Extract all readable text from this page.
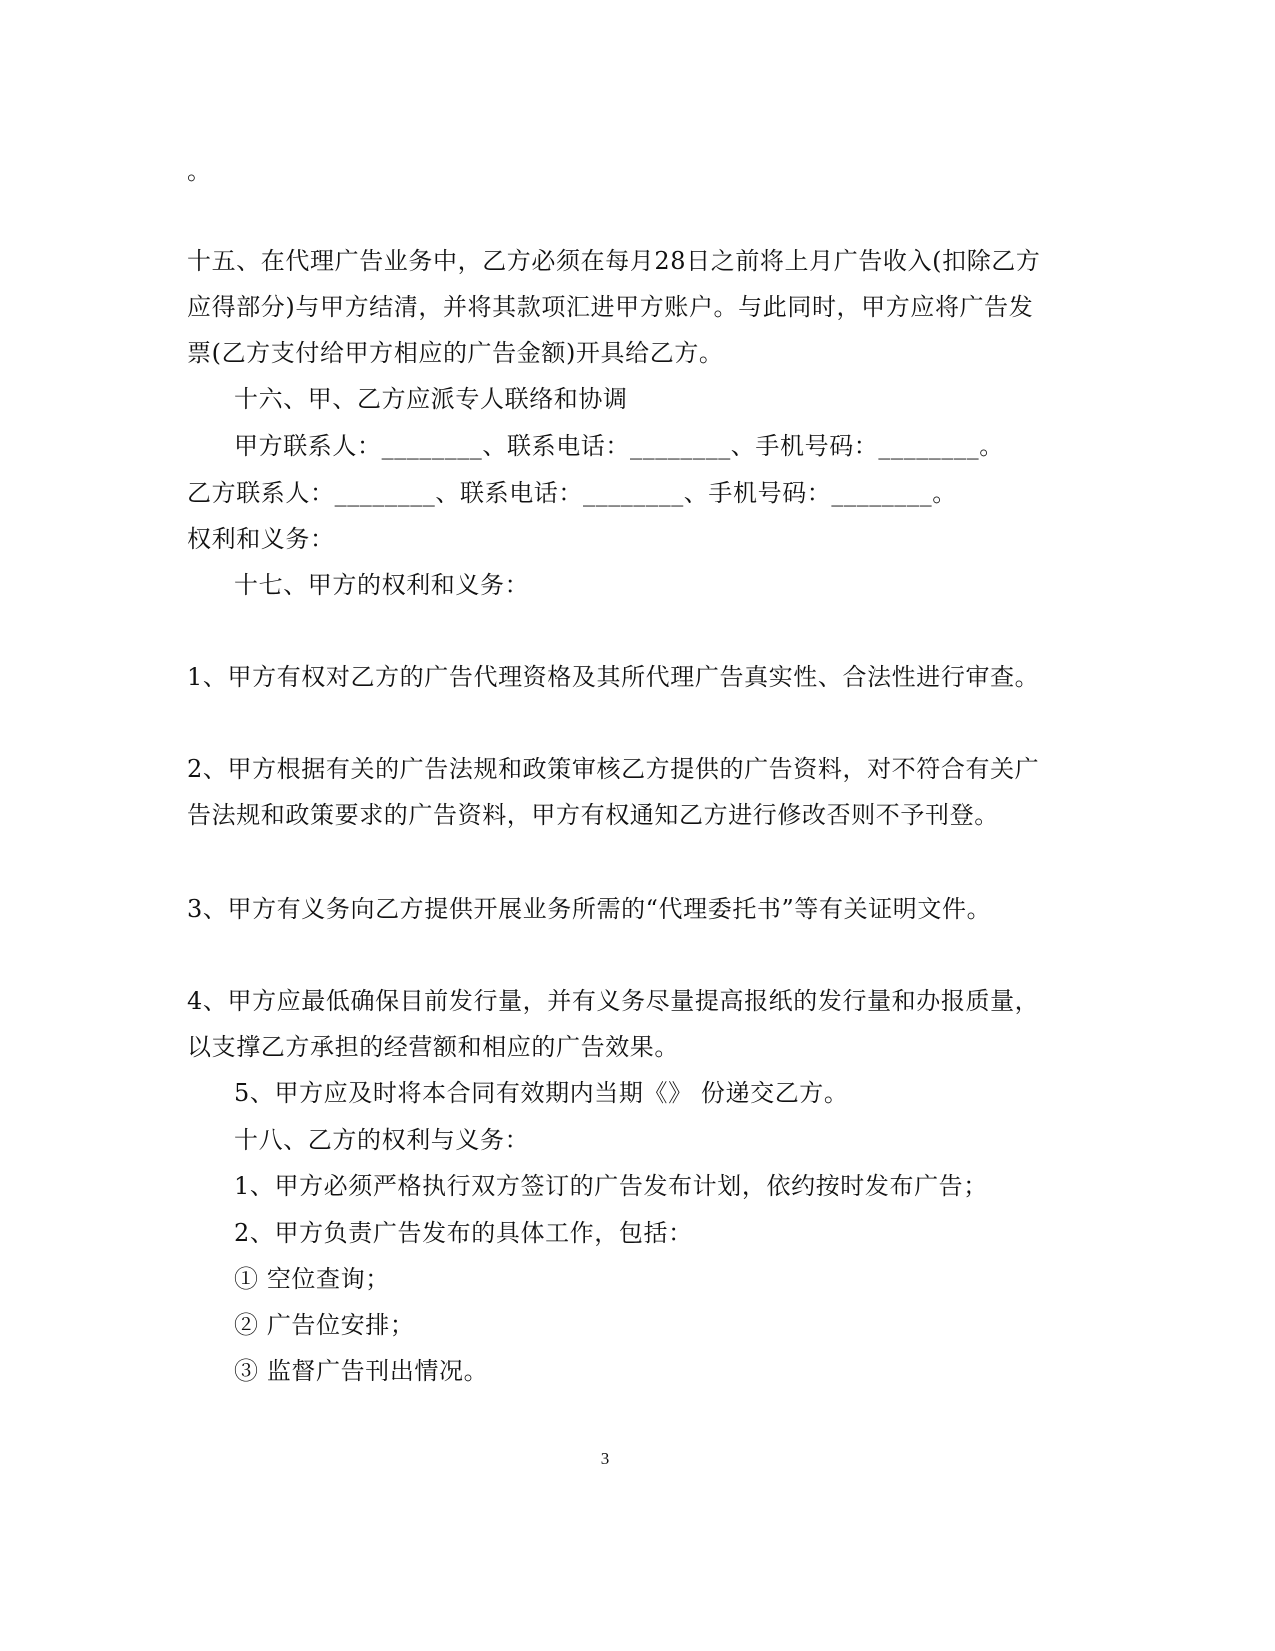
。
十五、在代理广告业务中，乙方必须在每月28日之前将上月广告收入(扣除乙方
应得部分)与甲方结清，并将其款项汇进甲方账户。与此同时，甲方应将广告发
票(乙方支付给甲方相应的广告金额)开具给乙方。
十六、甲、乙方应派专人联络和协调
甲方联系人：________、联系电话：________、手机号码：________。
乙方联系人：________、联系电话：________、手机号码：________。
权利和义务：
十七、甲方的权利和义务：
1、甲方有权对乙方的广告代理资格及其所代理广告真实性、合法性进行审查。
2、甲方根据有关的广告法规和政策审核乙方提供的广告资料，对不符合有关广
告法规和政策要求的广告资料，甲方有权通知乙方进行修改否则不予刊登。
3、甲方有义务向乙方提供开展业务所需的“代理委托书”等有关证明文件。
4、甲方应最低确保目前发行量，并有义务尽量提高报纸的发行量和办报质量，
以支撑乙方承担的经营额和相应的广告效果。
5、甲方应及时将本合同有效期内当期《》 份递交乙方。
十八、乙方的权利与义务：
1、甲方必须严格执行双方签订的广告发布计划，依约按时发布广告；
2、甲方负责广告发布的具体工作，包括：
① 空位查询；
② 广告位安排；
③ 监督广告刊出情况。
3
